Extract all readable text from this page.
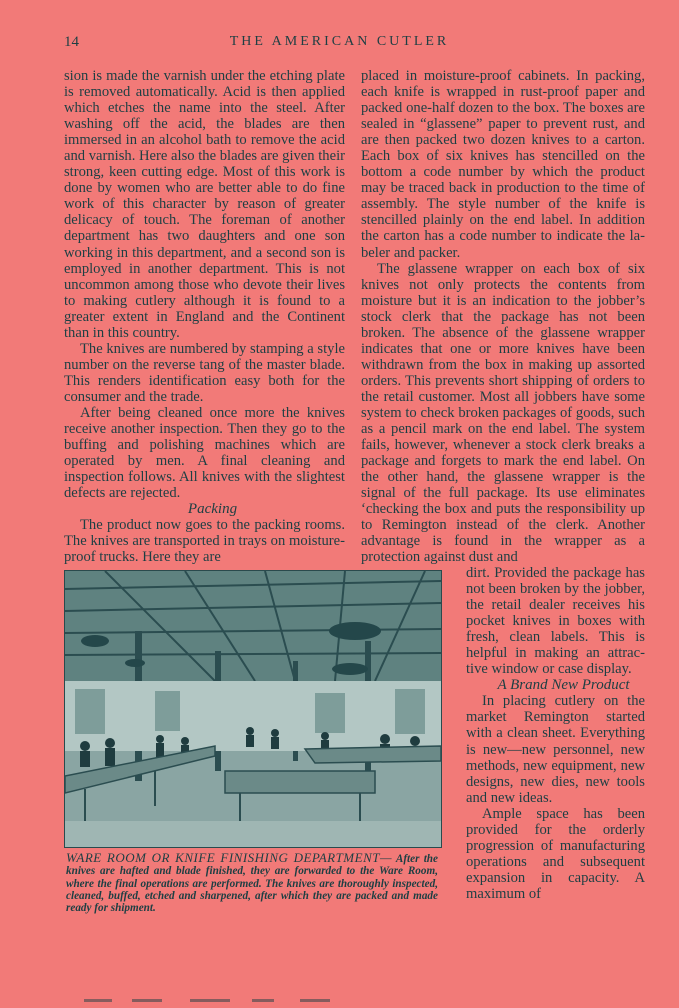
14	THE AMERICAN CUTLER

sion is made the varnish under the etching plate is removed automatically. Acid is then applied which etches the name into the steel. After washing off the acid, the blades are then immersed in an alcohol bath to remove the acid and varnish. Here also the blades are given their strong, keen cutting edge. Most of this work is done by women who are better able to do fine work of this character by reason of greater delicacy of touch. The foreman of another department has two daughters and one son working in this department, and a second son is employed in another department. This is not uncommon among those who devote their lives to making cutlery although it is found to a greater extent in England and the Continent than in this country.

The knives are numbered by stamping a style number on the reverse tang of the master blade. This renders identification easy both for the consumer and the trade.

After being cleaned once more the knives receive another inspection. Then they go to the buffing and polishing machines which are operated by men. A final cleaning and inspection follows. All knives with the slightest defects are rejected.

Packing

The product now goes to the packing rooms. The knives are transported in trays on moisture-proof trucks. Here they are

placed in moisture-proof cabinets. In packing, each knife is wrapped in rust-proof paper and packed one-half dozen to the box. The boxes are sealed in “glassene” paper to prevent rust, and are then packed two dozen knives to a carton. Each box of six knives has stencilled on the bottom a code number by which the product may be traced back in production to the time of assembly. The style number of the knife is stencilled plainly on the end label. In addition the carton has a code number to indicate the labeler and packer.

The glassene wrapper on each box of six knives not only protects the contents from moisture but it is an indication to the jobber’s stock clerk that the package has not been broken. The absence of the glassene wrapper indicates that one or more knives have been withdrawn from the box in making up assorted orders. This prevents short shipping of orders to the retail customer. Most all jobbers have some system to check broken packages of goods, such as a pencil mark on the end label. The system fails, however, whenever a stock clerk breaks a package and forgets to mark the end label. On the other hand, the glassene wrapper is the signal of the full package. Its use eliminates ‘checking the box and puts the responsibility up to Remington instead of the clerk. Another advantage is found in the wrapper as a protection against dust and

WARE ROOM OR KNIFE FINISHING DEPARTMENT— After the knives are hafted and blade finished, they are forwarded to the Ware Room, where the final operations are performed. The knives are thoroughly inspected, cleaned, buffed, etched and sharpened, after which they are packed and made ready for shipment.

dirt. Provided the package has not been broken by the jobber, the retail dealer receives his pocket knives in boxes with fresh, clean labels. This is helpful in making an attractive window or case display.

A Brand New Product

In placing cutlery on the market Remington started with a clean sheet. Everything is new—new personnel, new methods, new equipment, new designs, new dies, new tools and new ideas.

Ample space has been provided for the orderly progression of manufacturing operations and subsequent expansion in capacity. A maximum of
